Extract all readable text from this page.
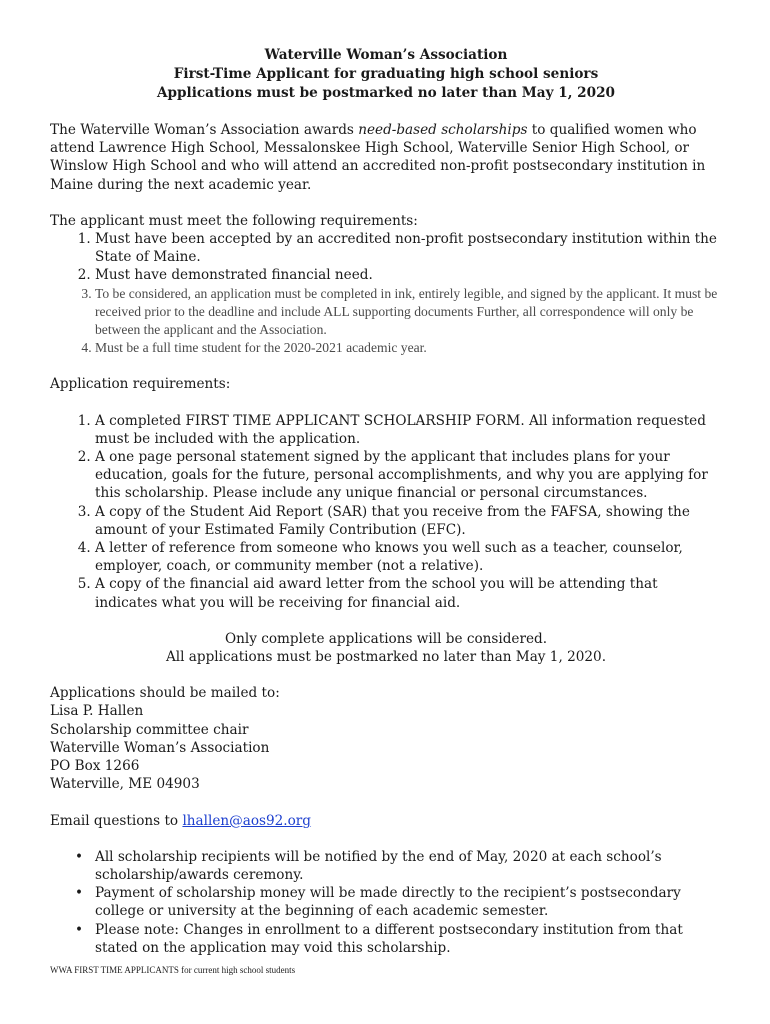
Waterville Woman’s Association
First-Time Applicant for graduating high school seniors
Applications must be postmarked no later than May 1, 2020

The Waterville Woman’s Association awards need-based scholarships to qualified women who attend Lawrence High School, Messalonskee High School, Waterville Senior High School, or Winslow High School and who will attend an accredited non-profit postsecondary institution in Maine during the next academic year.

The applicant must meet the following requirements:

1. Must have been accepted by an accredited non-profit postsecondary institution within the State of Maine.
2. Must have demonstrated financial need.
3. To be considered, an application must be completed in ink, entirely legible, and signed by the applicant. It must be received prior to the deadline and include ALL supporting documents Further, all correspondence will only be between the applicant and the Association.
4. Must be a full time student for the 2020-2021 academic year.

Application requirements:

1. A completed FIRST TIME APPLICANT SCHOLARSHIP FORM. All information requested must be included with the application.
2. A one page personal statement signed by the applicant that includes plans for your education, goals for the future, personal accomplishments, and why you are applying for this scholarship. Please include any unique financial or personal circumstances.
3. A copy of the Student Aid Report (SAR) that you receive from the FAFSA, showing the amount of your Estimated Family Contribution (EFC).
4. A letter of reference from someone who knows you well such as a teacher, counselor, employer, coach, or community member (not a relative).
5. A copy of the financial aid award letter from the school you will be attending that indicates what you will be receiving for financial aid.

Only complete applications will be considered.

All applications must be postmarked no later than May 1, 2020.

Applications should be mailed to:

Lisa P. Hallen

Scholarship committee chair

Waterville Woman’s Association

PO Box 1266

Waterville, ME 04903

Email questions to lhallen@aos92.org

• All scholarship recipients will be notified by the end of May, 2020 at each school’s scholarship/awards ceremony.
• Payment of scholarship money will be made directly to the recipient’s postsecondary college or university at the beginning of each academic semester.
• Please note: Changes in enrollment to a different postsecondary institution from that stated on the application may void this scholarship.
WWA FIRST TIME APPLICANTS for current high school students
